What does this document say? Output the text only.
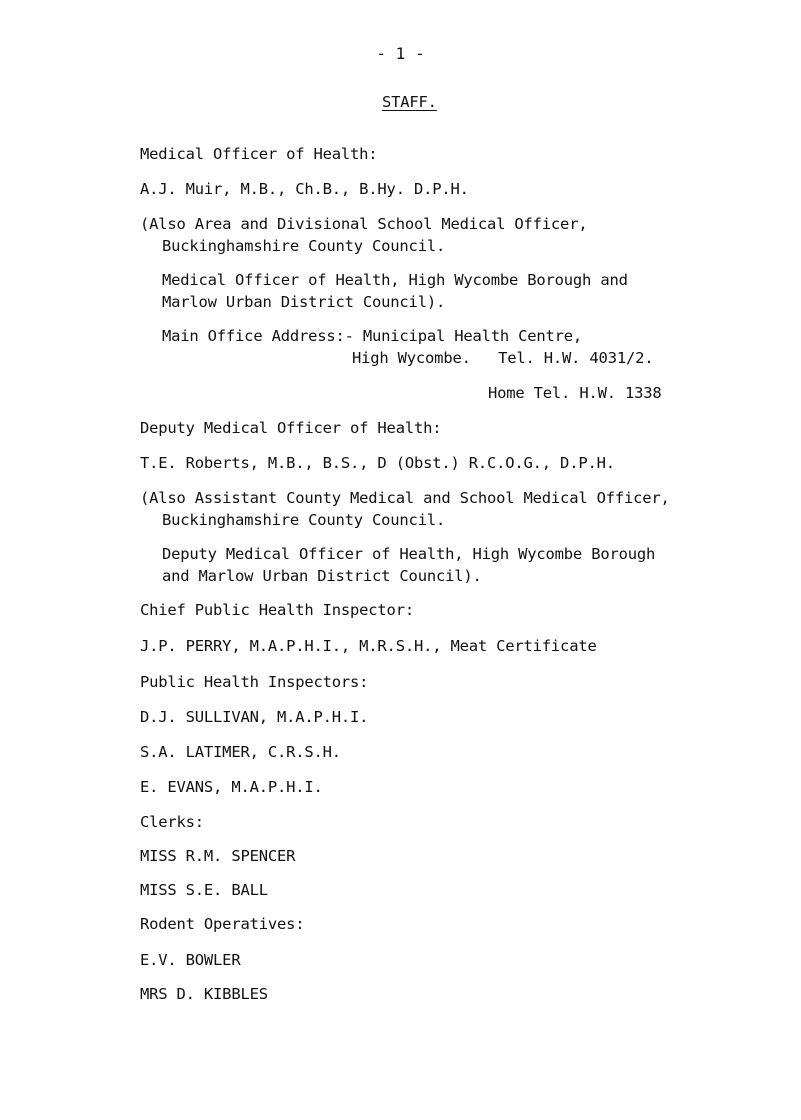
- 1 -
STAFF.
Medical Officer of Health:
A.J. Muir, M.B., Ch.B., B.Hy. D.P.H.
(Also Area and Divisional School Medical Officer,
Buckinghamshire County Council.
Medical Officer of Health, High Wycombe Borough and
Marlow Urban District Council).
Main Office Address:- Municipal Health Centre,
High Wycombe.   Tel. H.W. 4031/2.
Home Tel. H.W. 1338
Deputy Medical Officer of Health:
T.E. Roberts, M.B., B.S., D (Obst.) R.C.O.G., D.P.H.
(Also Assistant County Medical and School Medical Officer,
Buckinghamshire County Council.
Deputy Medical Officer of Health, High Wycombe Borough
and Marlow Urban District Council).
Chief Public Health Inspector:
J.P. PERRY, M.A.P.H.I., M.R.S.H., Meat Certificate
Public Health Inspectors:
D.J. SULLIVAN, M.A.P.H.I.
S.A. LATIMER, C.R.S.H.
E. EVANS, M.A.P.H.I.
Clerks:
MISS R.M. SPENCER
MISS S.E. BALL
Rodent Operatives:
E.V. BOWLER
MRS D. KIBBLES
